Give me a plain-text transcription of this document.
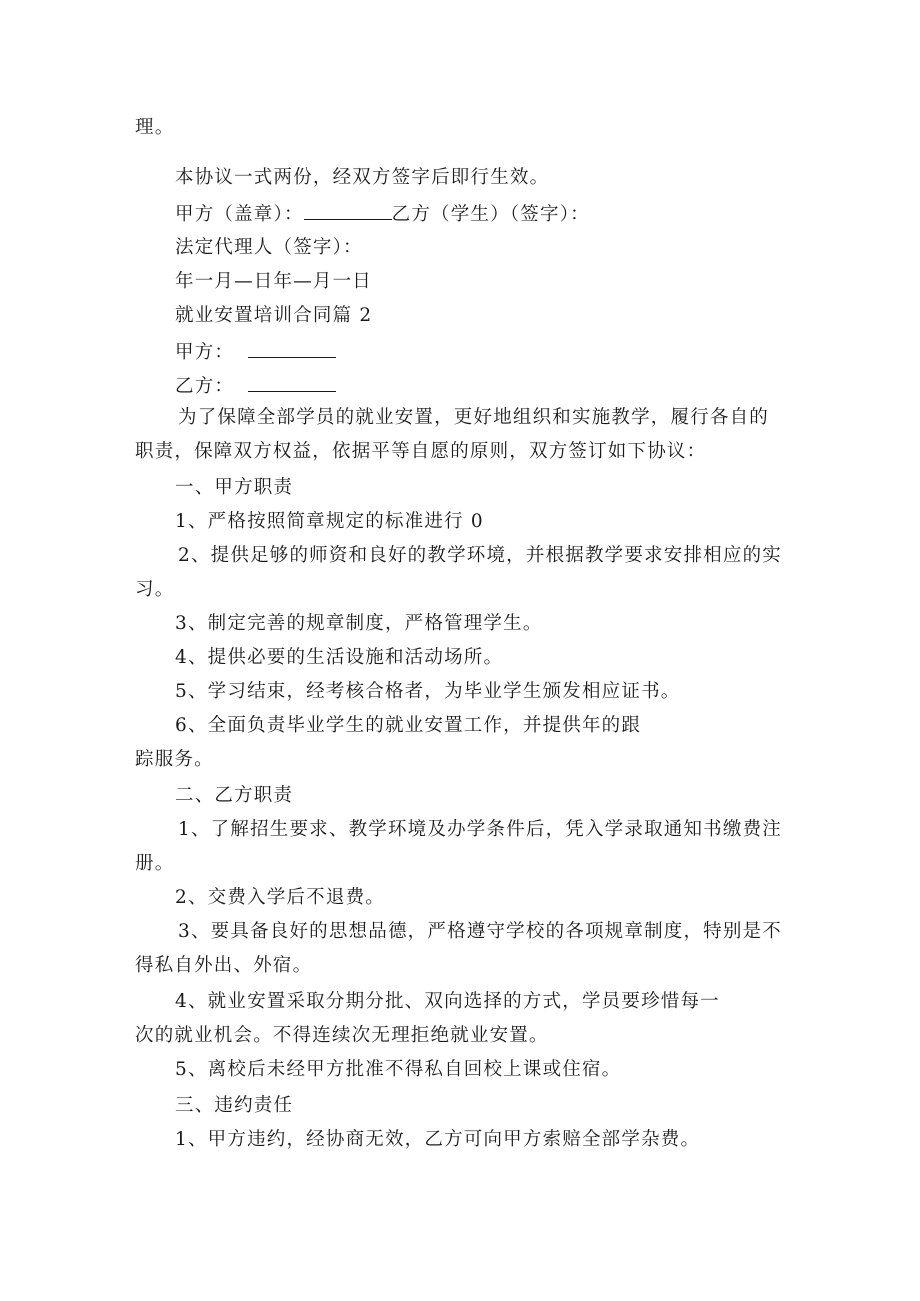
理。
本协议一式两份，经双方签字后即行生效。
甲方（盖章）：	乙方（学生）（签字）：
法定代理人（签字）：
年一月—日年—月一日
就业安置培训合同篇 2
甲方：
乙方：
为了保障全部学员的就业安置，更好地组织和实施教学，履行各自的
职责，保障双方权益，依据平等自愿的原则，双方签订如下协议：
一、甲方职责
1、严格按照简章规定的标准进行 0
2、提供足够的师资和良好的教学环境，并根据教学要求安排相应的实
习。
3、制定完善的规章制度，严格管理学生。
4、提供必要的生活设施和活动场所。
5、学习结束，经考核合格者，为毕业学生颁发相应证书。
6、全面负责毕业学生的就业安置工作，并提供年的跟
踪服务。
二、乙方职责
1、了解招生要求、教学环境及办学条件后，凭入学录取通知书缴费注
册。
2、交费入学后不退费。
3、要具备良好的思想品德，严格遵守学校的各项规章制度，特别是不
得私自外出、外宿。
4、就业安置采取分期分批、双向选择的方式，学员要珍惜每一
次的就业机会。不得连续次无理拒绝就业安置。
5、离校后未经甲方批准不得私自回校上课或住宿。
三、违约责任
1、甲方违约，经协商无效，乙方可向甲方索赔全部学杂费。
